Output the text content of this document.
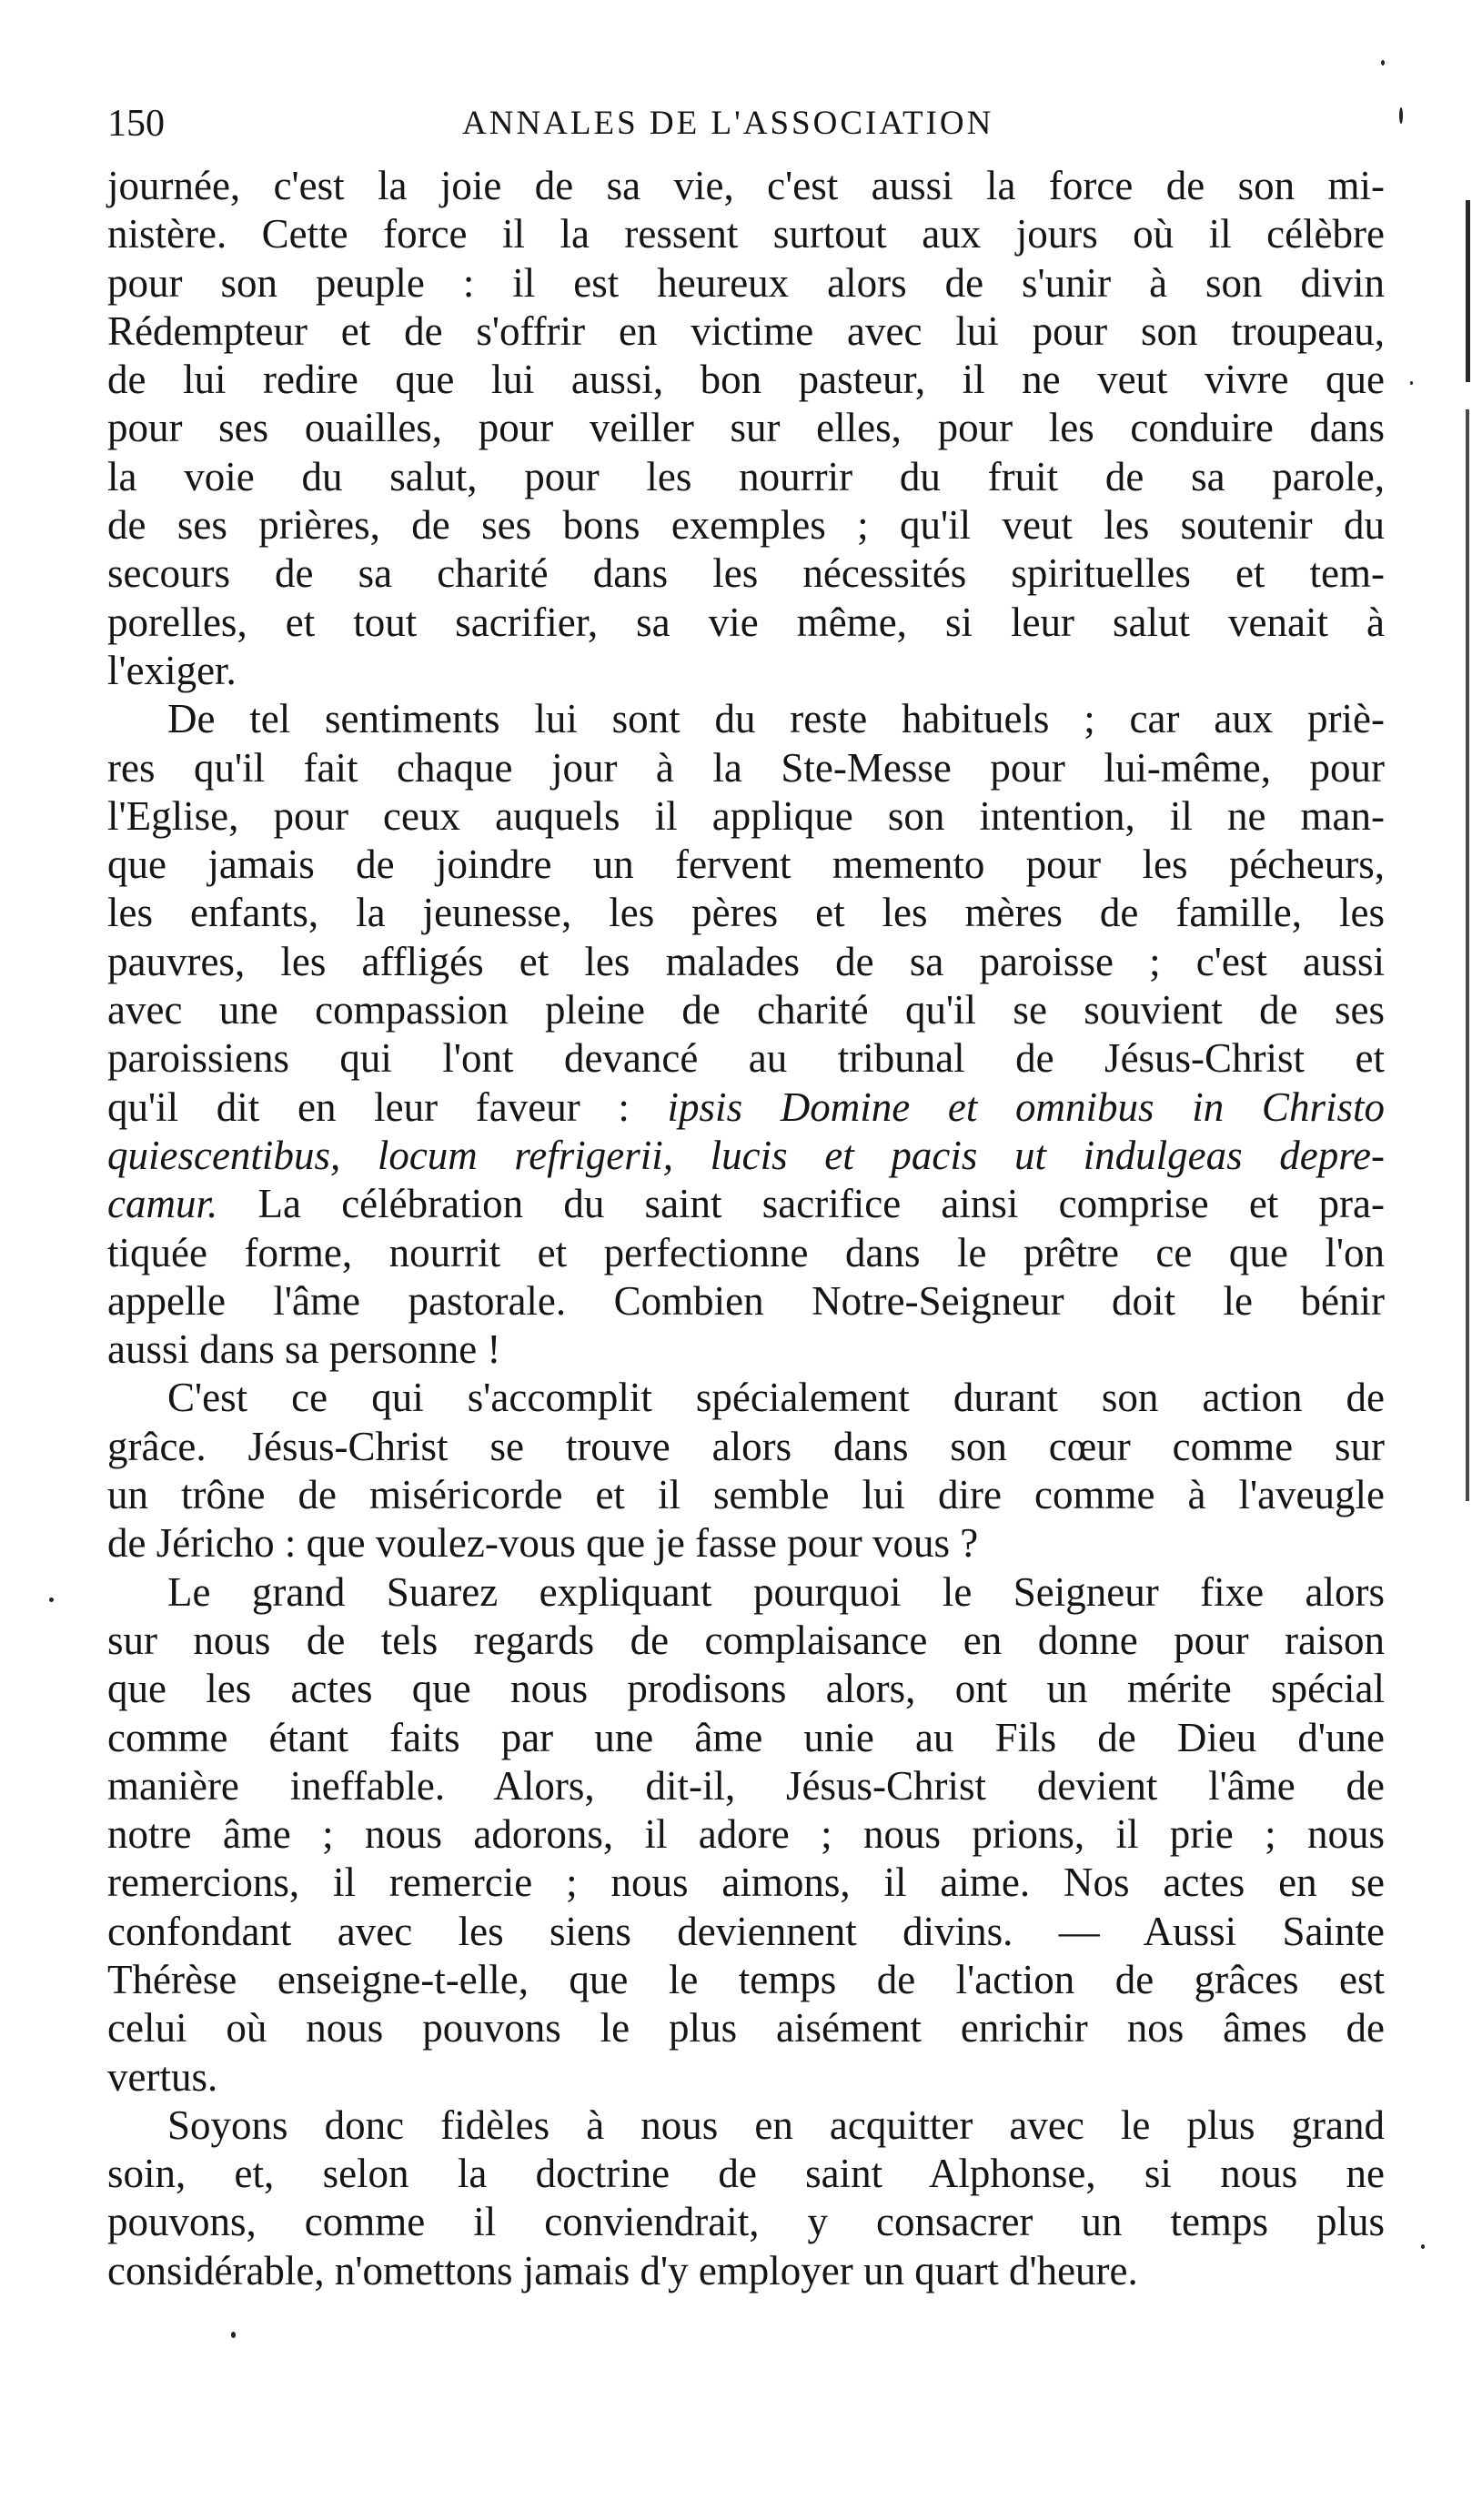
150	ANNALES DE L'ASSOCIATION
journée, c'est la joie de sa vie, c'est aussi la force de son mi-
nistère. Cette force il la ressent surtout aux jours où il célèbre
pour son peuple : il est heureux alors de s'unir à son divin
Rédempteur et de s'offrir en victime avec lui pour son troupeau,
de lui redire que lui aussi, bon pasteur, il ne veut vivre que
pour ses ouailles, pour veiller sur elles, pour les conduire dans
la voie du salut, pour les nourrir du fruit de sa parole,
de ses prières, de ses bons exemples ; qu'il veut les soutenir du
secours de sa charité dans les nécessités spirituelles et tem-
porelles, et tout sacrifier, sa vie même, si leur salut venait à
l'exiger.
De tel sentiments lui sont du reste habituels ; car aux priè-
res qu'il fait chaque jour à la Ste-Messe pour lui-même, pour
l'Eglise, pour ceux auquels il applique son intention, il ne man-
que jamais de joindre un fervent memento pour les pécheurs,
les enfants, la jeunesse, les pères et les mères de famille, les
pauvres, les affligés et les malades de sa paroisse ; c'est aussi
avec une compassion pleine de charité qu'il se souvient de ses
paroissiens qui l'ont devancé au tribunal de Jésus-Christ et
qu'il dit en leur faveur : ipsis Domine et omnibus in Christo
quiescentibus, locum refrigerii, lucis et pacis ut indulgeas depre-
camur. La célébration du saint sacrifice ainsi comprise et pra-
tiquée forme, nourrit et perfectionne dans le prêtre ce que l'on
appelle l'âme pastorale. Combien Notre-Seigneur doit le bénir
aussi dans sa personne !
C'est ce qui s'accomplit spécialement durant son action de
grâce. Jésus-Christ se trouve alors dans son cœur comme sur
un trône de miséricorde et il semble lui dire comme à l'aveugle
de Jéricho : que voulez-vous que je fasse pour vous ?
Le grand Suarez expliquant pourquoi le Seigneur fixe alors
sur nous de tels regards de complaisance en donne pour raison
que les actes que nous prodisons alors, ont un mérite spécial
comme étant faits par une âme unie au Fils de Dieu d'une
manière ineffable. Alors, dit-il, Jésus-Christ devient l'âme de
notre âme ; nous adorons, il adore ; nous prions, il prie ; nous
remercions, il remercie ; nous aimons, il aime. Nos actes en se
confondant avec les siens deviennent divins. — Aussi Sainte
Thérèse enseigne-t-elle, que le temps de l'action de grâces est
celui où nous pouvons le plus aisément enrichir nos âmes de
vertus.
Soyons donc fidèles à nous en acquitter avec le plus grand
soin, et, selon la doctrine de saint Alphonse, si nous ne
pouvons, comme il conviendrait, y consacrer un temps plus
considérable, n'omettons jamais d'y employer un quart d'heure.
